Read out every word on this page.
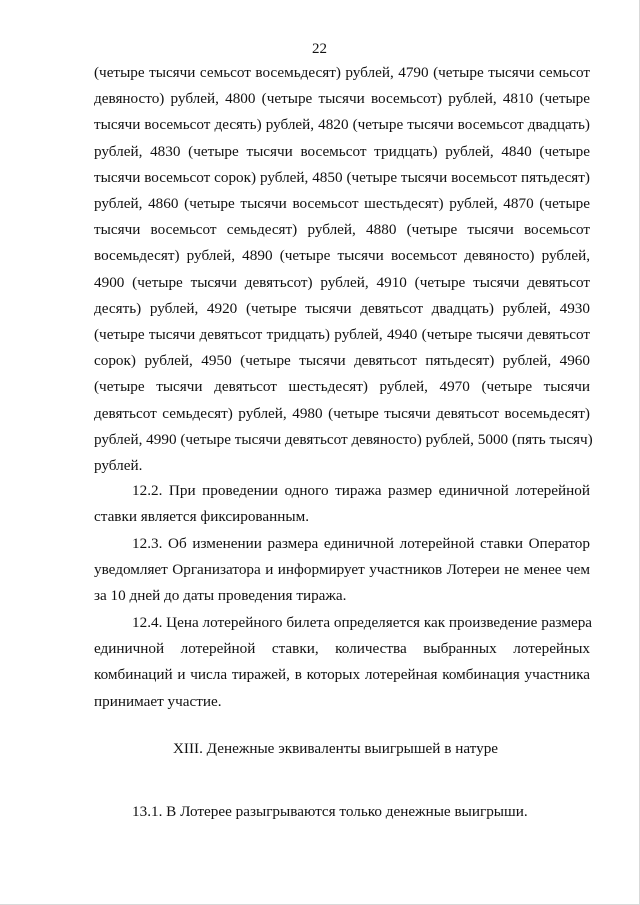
22
(четыре тысячи семьсот восемьдесят) рублей, 4790 (четыре тысячи семьсот
девяносто) рублей, 4800 (четыре тысячи восемьсот) рублей, 4810 (четыре
тысячи восемьсот десять) рублей, 4820 (четыре тысячи восемьсот двадцать)
рублей, 4830 (четыре тысячи восемьсот тридцать) рублей, 4840 (четыре
тысячи восемьсот сорок) рублей, 4850 (четыре тысячи восемьсот пятьдесят)
рублей, 4860 (четыре тысячи восемьсот шестьдесят) рублей, 4870 (четыре
тысячи восемьсот семьдесят) рублей, 4880 (четыре тысячи восемьсот
восемьдесят) рублей, 4890 (четыре тысячи восемьсот девяносто) рублей,
4900 (четыре тысячи девятьсот) рублей, 4910 (четыре тысячи девятьсот
десять) рублей, 4920 (четыре тысячи девятьсот двадцать) рублей, 4930
(четыре тысячи девятьсот тридцать) рублей, 4940 (четыре тысячи девятьсот
сорок) рублей, 4950 (четыре тысячи девятьсот пятьдесят) рублей, 4960
(четыре тысячи девятьсот шестьдесят) рублей, 4970 (четыре тысячи
девятьсот семьдесят) рублей, 4980 (четыре тысячи девятьсот восемьдесят)
рублей, 4990 (четыре тысячи девятьсот девяносто) рублей, 5000 (пять тысяч)
рублей.
12.2. При проведении одного тиража размер единичной лотерейной
ставки является фиксированным.
12.3. Об изменении размера единичной лотерейной ставки Оператор
уведомляет Организатора и информирует участников Лотереи не менее чем
за 10 дней до даты проведения тиража.
12.4. Цена лотерейного билета определяется как произведение размера
единичной лотерейной ставки, количества выбранных лотерейных
комбинаций и числа тиражей, в которых лотерейная комбинация участника
принимает участие.
XIII. Денежные эквиваленты выигрышей в натуре
13.1. В Лотерее разыгрываются только денежные выигрыши.
